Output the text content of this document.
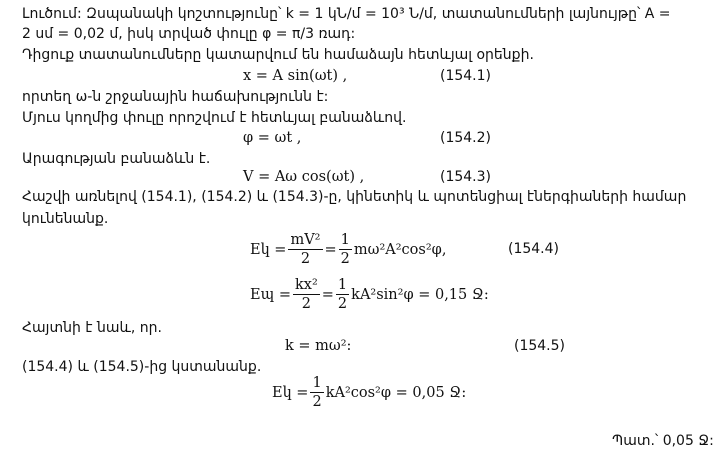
Լուծում: Զսպանակի կոշտությունը՝ k = 1 կՆ/մ = 10³ Ն/մ, տատանումների լայնույթը՝ A =
2 սմ = 0,02 մ, իսկ տրված փուլը φ = π/3 ռադ:
Դիցուք տատանումները կատարվում են համաձայն հետևյալ օրենքի.
x = A sin(ωt) ,	(154.1)
որտեղ ω-ն շրջանային հաճախությունն է:
Մյուս կողմից փուլը որոշվում է հետևյալ բանաձևով.
φ = ωt ,	(154.2)
Արագության բանաձևն է.
V = Aω cos(ωt) ,	(154.3)
Հաշվի առնելով (154.1), (154.2) և (154.3)-ը, կինետիկ և պոտենցիալ էներգիաների համար
կունենանք.
Eկ = $\frac{\text{mV²}}{2} = \frac{1}{2} m\omega^2A^2\cos^2\varphi$,	(154.4)
Eպ = $\frac{\text{kx²}}{2} = \frac{1}{2} kA^2\sin^2\varphi = 0,15$ Ջ:
Հայտնի է նաև, որ.
k = mω²:	(154.5)
(154.4) և (154.5)-ից կստանանք.
Eկ = $\frac{1}{2} kA^2\cos^2\varphi = 0,05$ Ջ:
Պատ.՝ 0,05 Ջ:
